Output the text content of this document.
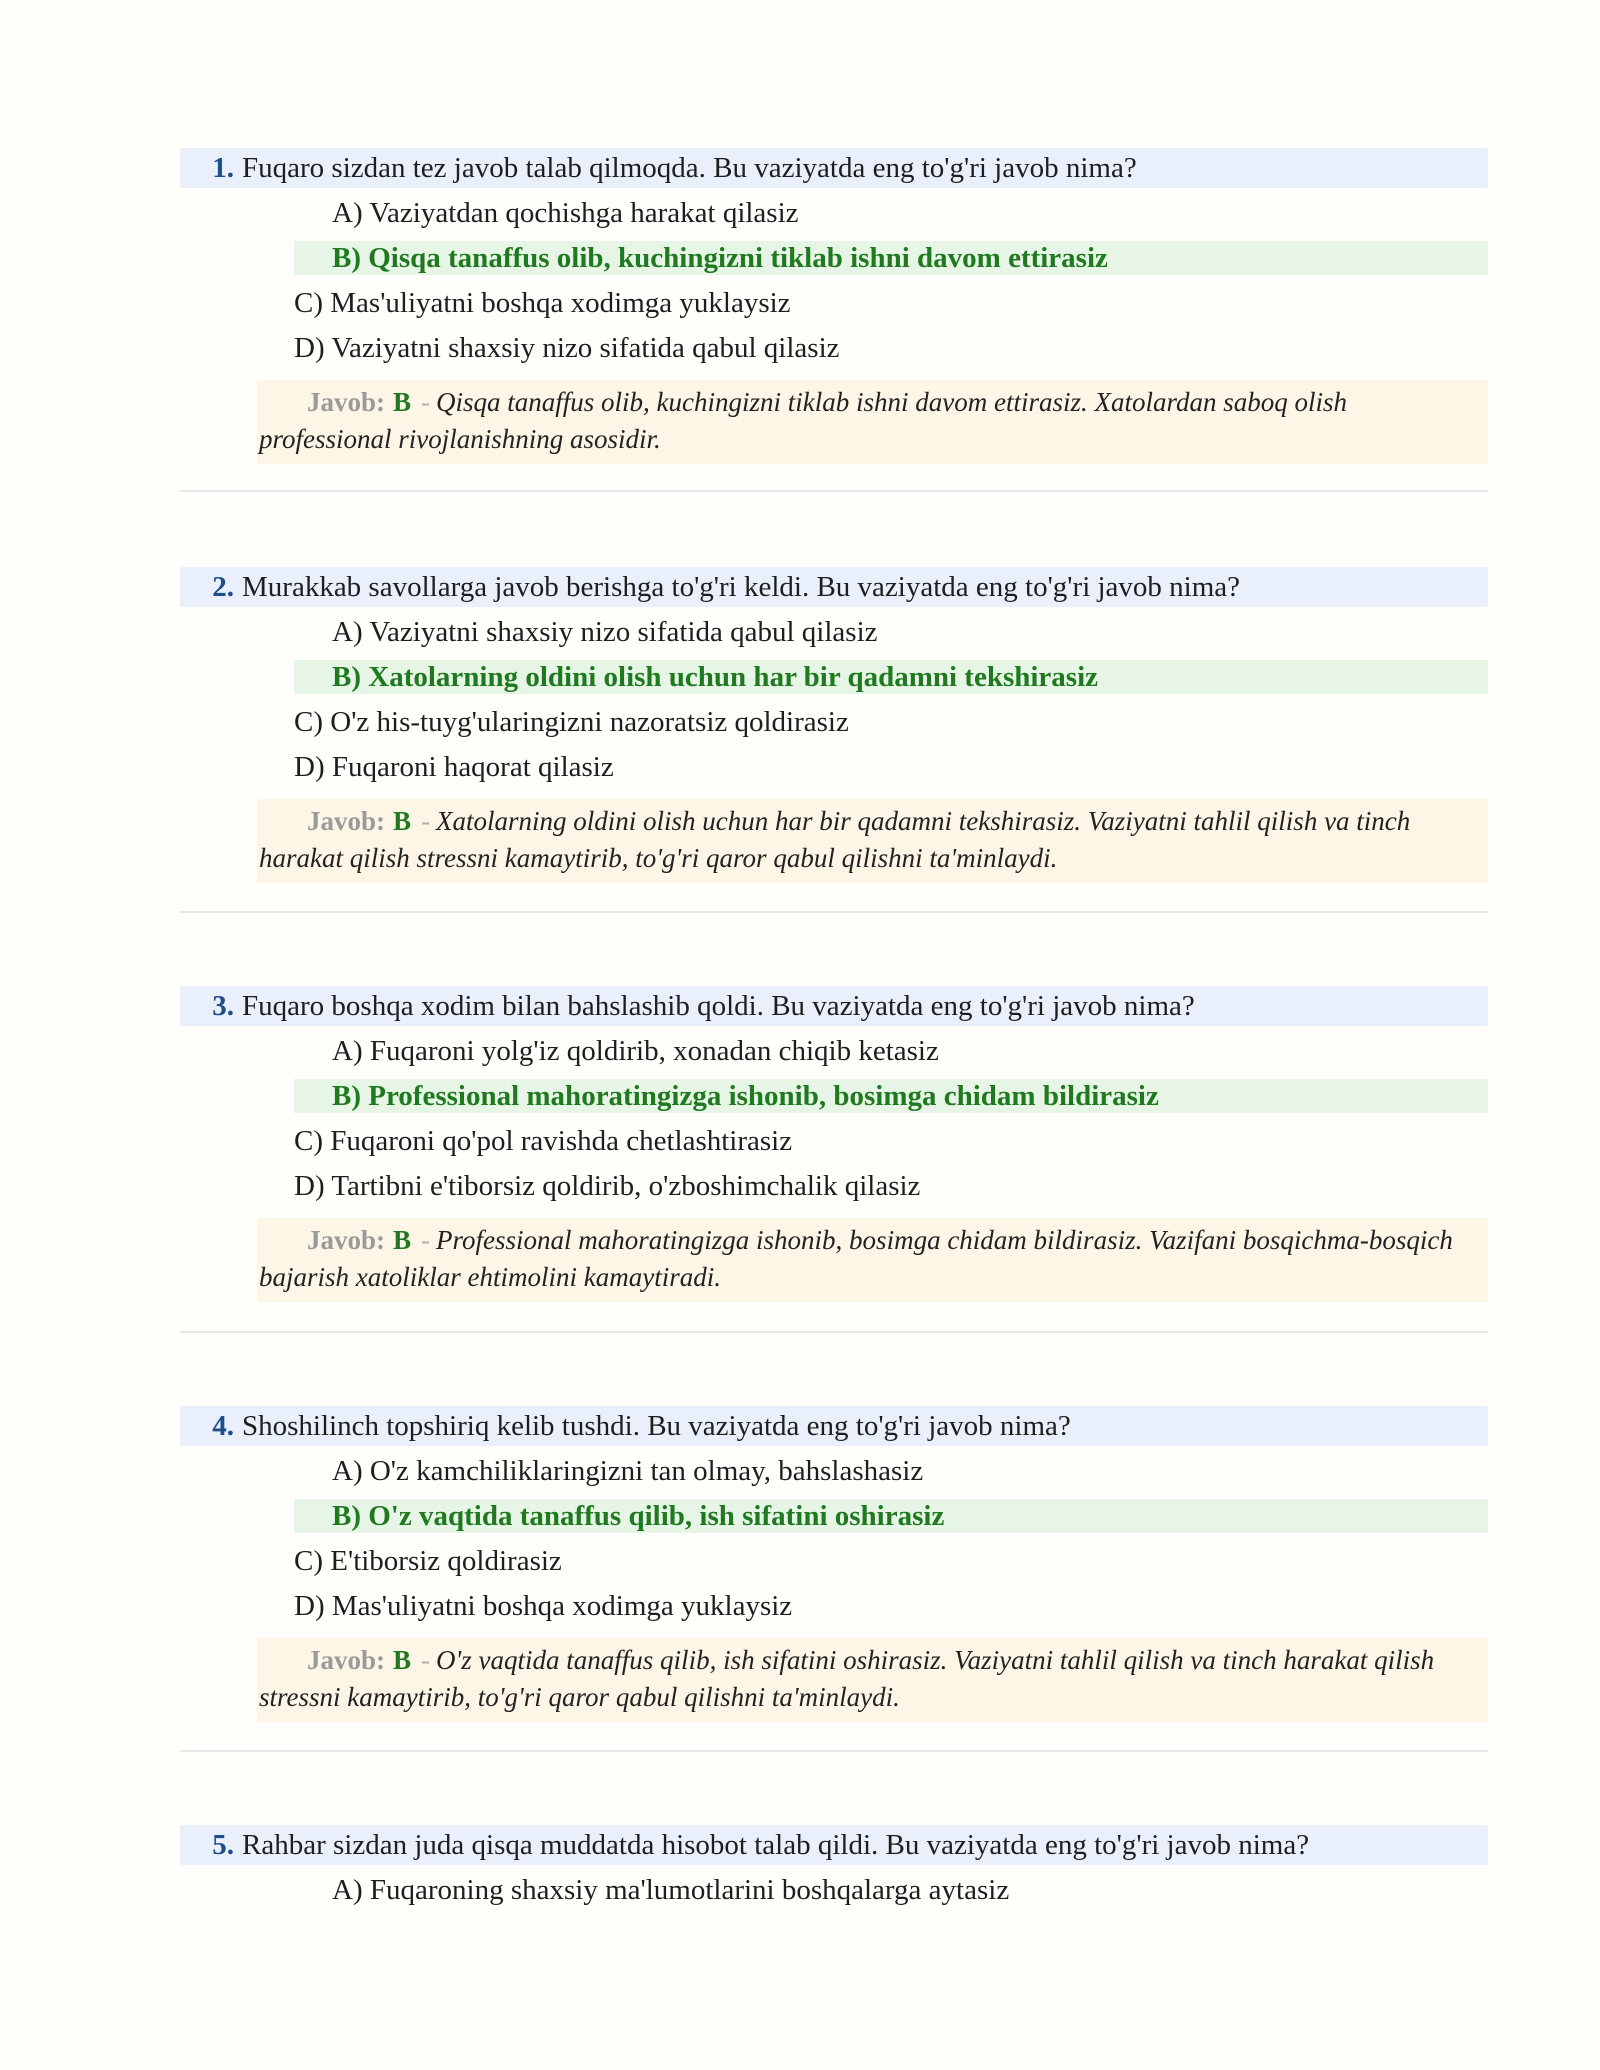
1. Fuqaro sizdan tez javob talab qilmoqda. Bu vaziyatda eng to'g'ri javob nima?
A) Vaziyatdan qochishga harakat qilasiz
B) Qisqa tanaffus olib, kuchingizni tiklab ishni davom ettirasiz
C) Mas'uliyatni boshqa xodimga yuklaysiz
D) Vaziyatni shaxsiy nizo sifatida qabul qilasiz
Javob: B - Qisqa tanaffus olib, kuchingizni tiklab ishni davom ettirasiz. Xatolardan saboq olish professional rivojlanishning asosidir.
2. Murakkab savollarga javob berishga to'g'ri keldi. Bu vaziyatda eng to'g'ri javob nima?
A) Vaziyatni shaxsiy nizo sifatida qabul qilasiz
B) Xatolarning oldini olish uchun har bir qadamni tekshirasiz
C) O'z his-tuyg'ularingizni nazoratsiz qoldirasiz
D) Fuqaroni haqorat qilasiz
Javob: B - Xatolarning oldini olish uchun har bir qadamni tekshirasiz. Vaziyatni tahlil qilish va tinch harakat qilish stressni kamaytirib, to'g'ri qaror qabul qilishni ta'minlaydi.
3. Fuqaro boshqa xodim bilan bahslashib qoldi. Bu vaziyatda eng to'g'ri javob nima?
A) Fuqaroni yolg'iz qoldirib, xonadan chiqib ketasiz
B) Professional mahoratingizga ishonib, bosimga chidam bildirasiz
C) Fuqaroni qo'pol ravishda chetlashtirasiz
D) Tartibni e'tiborsiz qoldirib, o'zboshimchalik qilasiz
Javob: B - Professional mahoratingizga ishonib, bosimga chidam bildirasiz. Vazifani bosqichma-bosqich bajarish xatoliklar ehtimolini kamaytiradi.
4. Shoshilinch topshiriq kelib tushdi. Bu vaziyatda eng to'g'ri javob nima?
A) O'z kamchiliklaringizni tan olmay, bahslashasiz
B) O'z vaqtida tanaffus qilib, ish sifatini oshirasiz
C) E'tiborsiz qoldirasiz
D) Mas'uliyatni boshqa xodimga yuklaysiz
Javob: B - O'z vaqtida tanaffus qilib, ish sifatini oshirasiz. Vaziyatni tahlil qilish va tinch harakat qilish stressni kamaytirib, to'g'ri qaror qabul qilishni ta'minlaydi.
5. Rahbar sizdan juda qisqa muddatda hisobot talab qildi. Bu vaziyatda eng to'g'ri javob nima?
A) Fuqaroning shaxsiy ma'lumotlarini boshqalarga aytasiz
